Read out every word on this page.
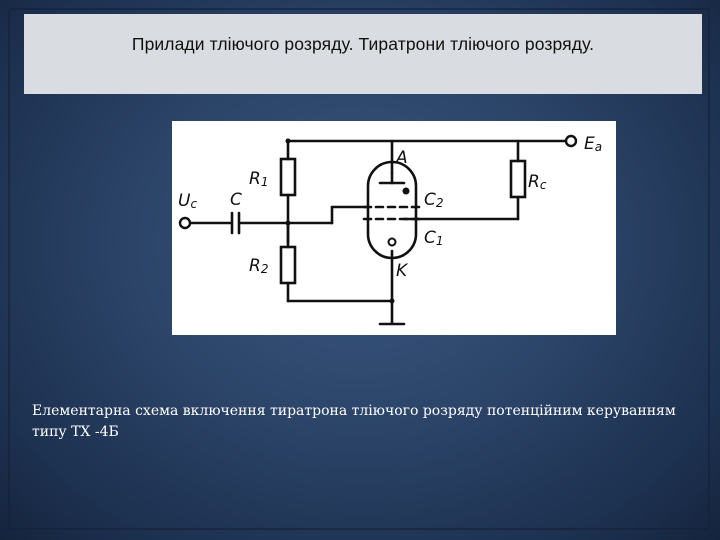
Прилади тліючого розряду. Тиратрони тліючого розряду.
Ea
Uc C
R1
R2
Rc
A
K
C2
C1
Елементарна схема включення тиратрона тліючого розряду потенційним керуванням типу ТХ -4Б
